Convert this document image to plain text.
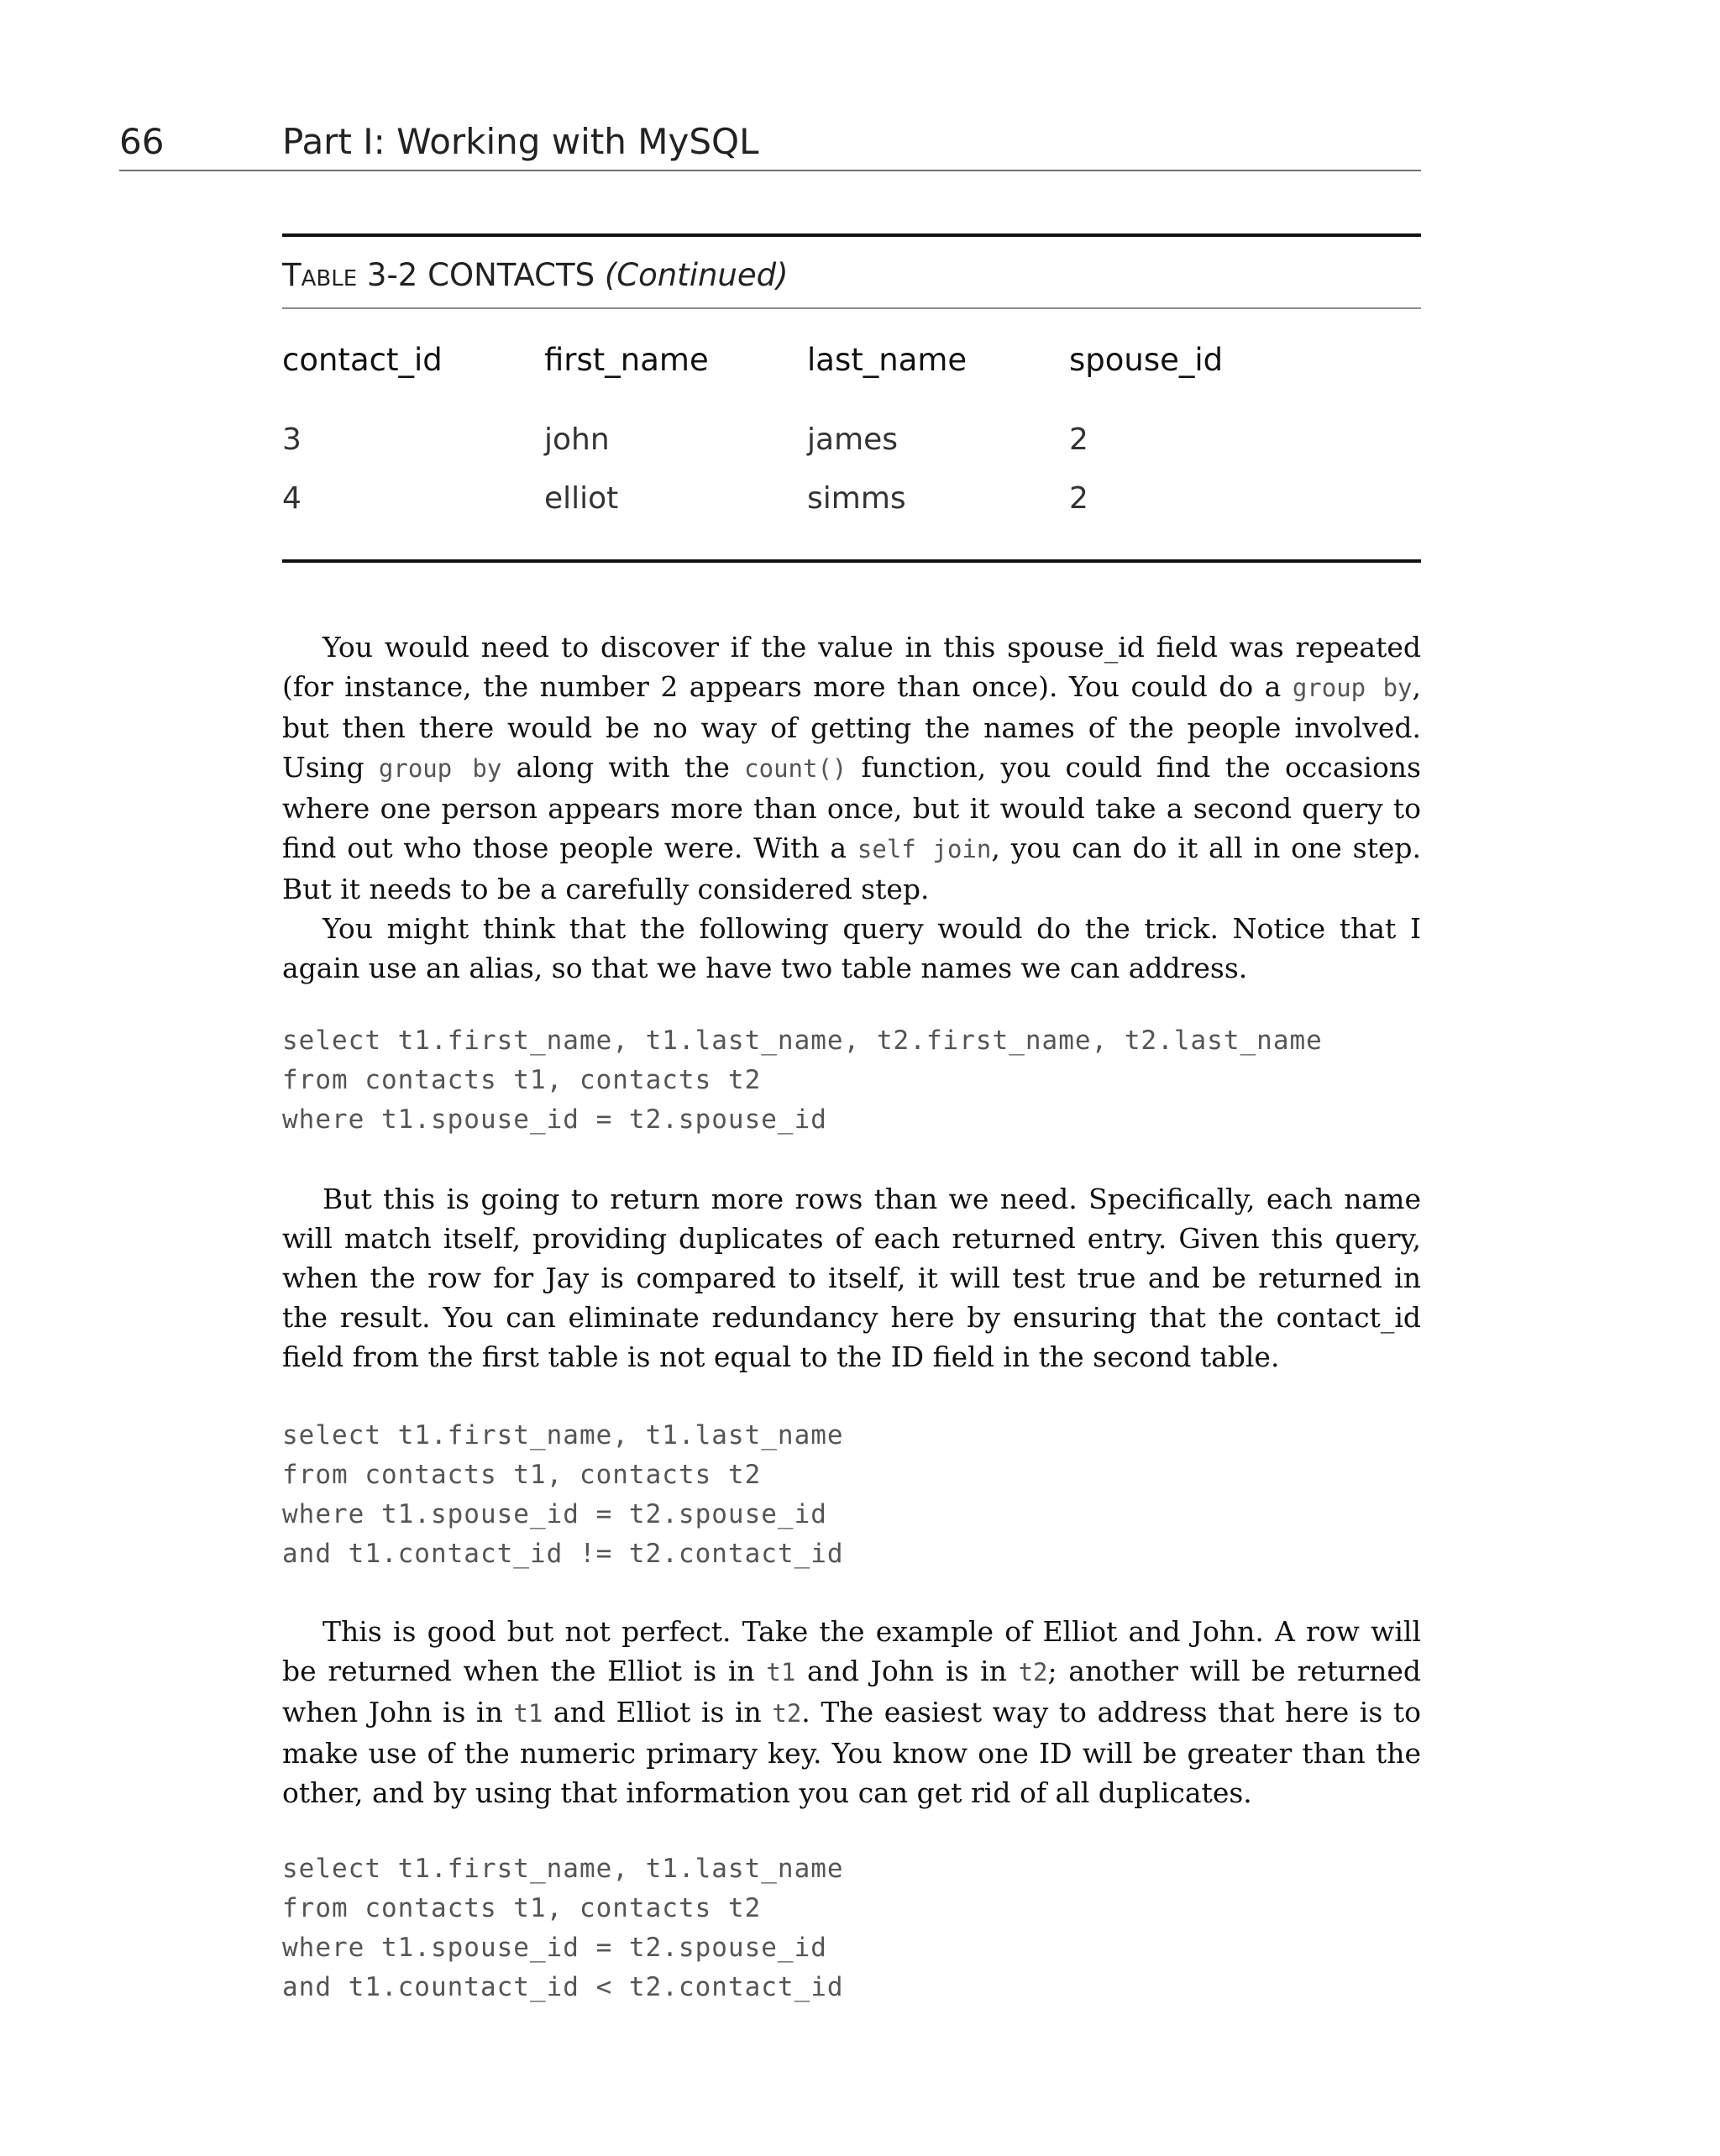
66	Part I: Working with MySQL
Table 3-2 CONTACTS (Continued)
contact_id	first_name	last_name	spouse_id
3	john	james	2
4	elliot	simms	2

You would need to discover if the value in this spouse_id field was repeated (for instance, the number 2 appears more than once). You could do a group by, but then there would be no way of getting the names of the people involved. Using group by along with the count() function, you could find the occasions where one person appears more than once, but it would take a second query to find out who those people were. With a self join, you can do it all in one step. But it needs to be a carefully considered step.

You might think that the following query would do the trick. Notice that I again use an alias, so that we have two table names we can address.

select t1.first_name, t1.last_name, t2.first_name, t2.last_name
from contacts t1, contacts t2
where t1.spouse_id = t2.spouse_id

But this is going to return more rows than we need. Specifically, each name will match itself, providing duplicates of each returned entry. Given this query, when the row for Jay is compared to itself, it will test true and be returned in the result. You can eliminate redundancy here by ensuring that the contact_id field from the first table is not equal to the ID field in the second table.

select t1.first_name, t1.last_name
from contacts t1, contacts t2
where t1.spouse_id = t2.spouse_id
and t1.contact_id != t2.contact_id

This is good but not perfect. Take the example of Elliot and John. A row will be returned when the Elliot is in t1 and John is in t2; another will be returned when John is in t1 and Elliot is in t2. The easiest way to address that here is to make use of the numeric primary key. You know one ID will be greater than the other, and by using that information you can get rid of all duplicates.

select t1.first_name, t1.last_name
from contacts t1, contacts t2
where t1.spouse_id = t2.spouse_id
and t1.countact_id < t2.contact_id
